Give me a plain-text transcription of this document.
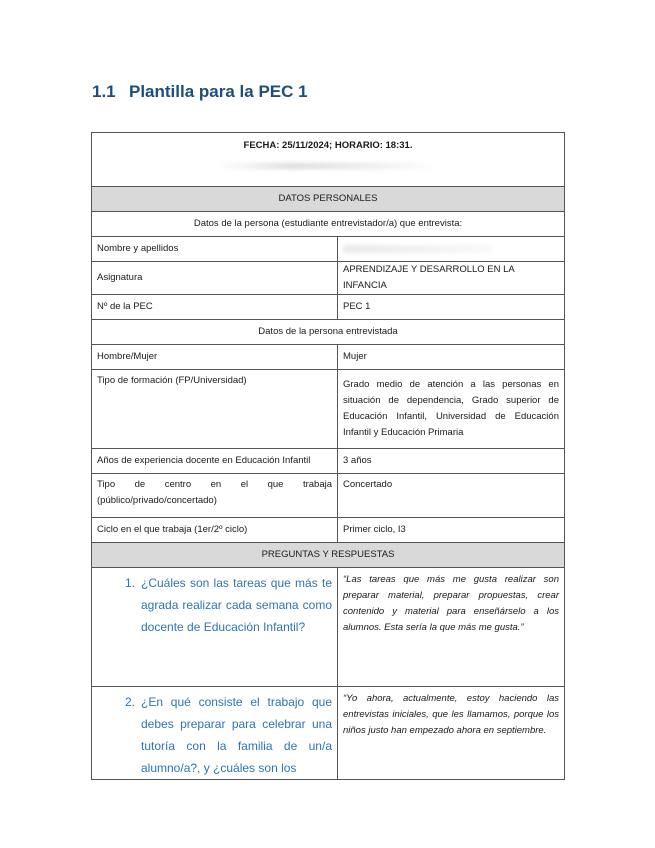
1.1 Plantilla para la PEC 1
FECHA: 25/11/2024; HORARIO: 18:31.	

DATOS PERSONALES	
Datos de la persona (estudiante entrevistador/a) que entrevista:	
Nombre y apellidos	

Asignatura	APRENDIZAJE Y DESARROLLO EN LA INFANCIA
Nº de la PEC	PEC 1
Datos de la persona entrevistada	
Hombre/Mujer	Mujer
Tipo de formación (FP/Universidad)	Grado medio de atención a las personas en situación de dependencia, Grado superior de Educación Infantil, Universidad de Educación Infantil y Educación Primaria
Años de experiencia docente en Educación Infantil	3 años

Tipo de centro en el que trabaja
(público/privado/concertado)	Concertado
Ciclo en el que trabaja (1er/2º ciclo)	Primer ciclo, I3
PREGUNTAS Y RESPUESTAS	

1. ¿Cuáles son las tareas que más te agrada realizar cada semana como docente de Educación Infantil?	“Las tareas que más me gusta realizar son preparar material, preparar propuestas, crear contenido y material para enseñárselo a los alumnos. Esta sería la que más me gusta.”

2. ¿En qué consiste el trabajo que debes preparar para celebrar una tutoría con la familia de un/a alumno/a?, y ¿cuáles son los	“Yo ahora, actualmente, estoy haciendo las entrevistas iniciales, que les llamamos, porque los niños justo han empezado ahora en septiembre.
